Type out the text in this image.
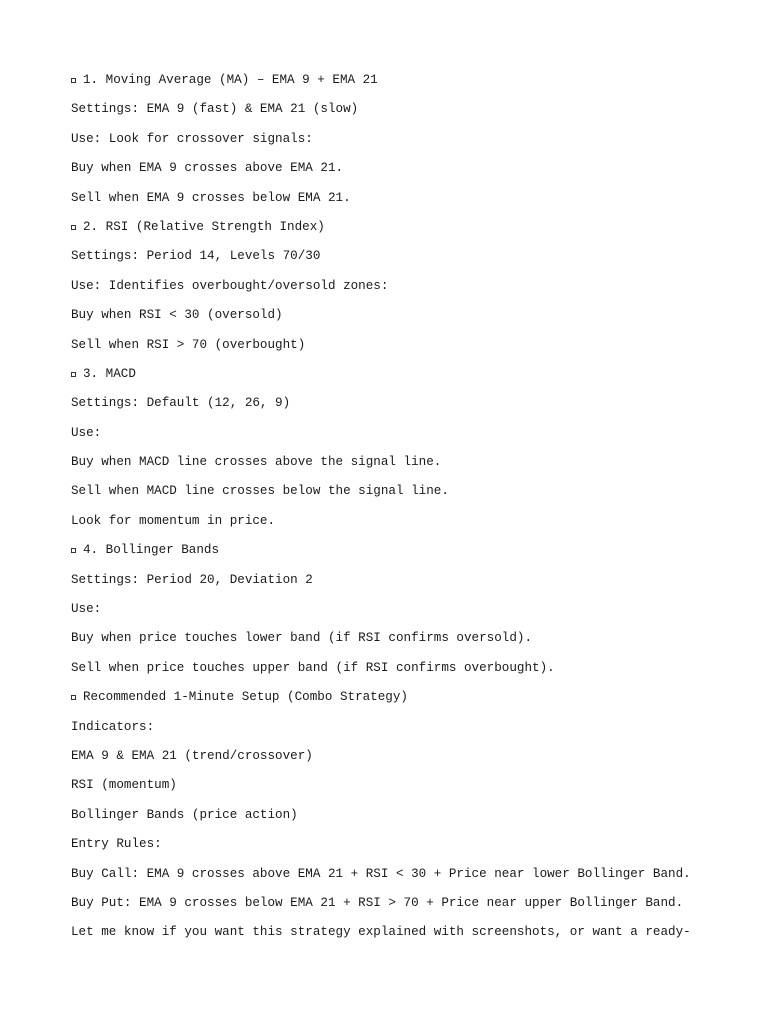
1. Moving Average (MA) – EMA 9 + EMA 21
Settings: EMA 9 (fast) & EMA 21 (slow)
Use: Look for crossover signals:
Buy when EMA 9 crosses above EMA 21.
Sell when EMA 9 crosses below EMA 21.
2. RSI (Relative Strength Index)
Settings: Period 14, Levels 70/30
Use: Identifies overbought/oversold zones:
Buy when RSI < 30 (oversold)
Sell when RSI > 70 (overbought)
3. MACD
Settings: Default (12, 26, 9)
Use:
Buy when MACD line crosses above the signal line.
Sell when MACD line crosses below the signal line.
Look for momentum in price.
4. Bollinger Bands
Settings: Period 20, Deviation 2
Use:
Buy when price touches lower band (if RSI confirms oversold).
Sell when price touches upper band (if RSI confirms overbought).
Recommended 1-Minute Setup (Combo Strategy)
Indicators:
EMA 9 & EMA 21 (trend/crossover)
RSI (momentum)
Bollinger Bands (price action)
Entry Rules:
Buy Call: EMA 9 crosses above EMA 21 + RSI < 30 + Price near lower Bollinger Band.
Buy Put: EMA 9 crosses below EMA 21 + RSI > 70 + Price near upper Bollinger Band.
Let me know if you want this strategy explained with screenshots, or want a ready-
